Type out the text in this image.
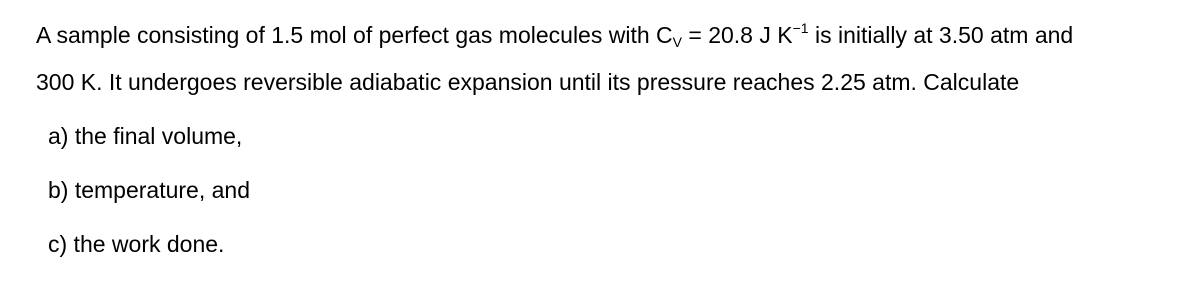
A sample consisting of 1.5 mol of perfect gas molecules with $C_V = 20.8$ J $K^{-1}$ is initially at 3.50 atm and
300 K. It undergoes reversible adiabatic expansion until its pressure reaches 2.25 atm. Calculate
a) the final volume,
b) temperature, and
c) the work done.
